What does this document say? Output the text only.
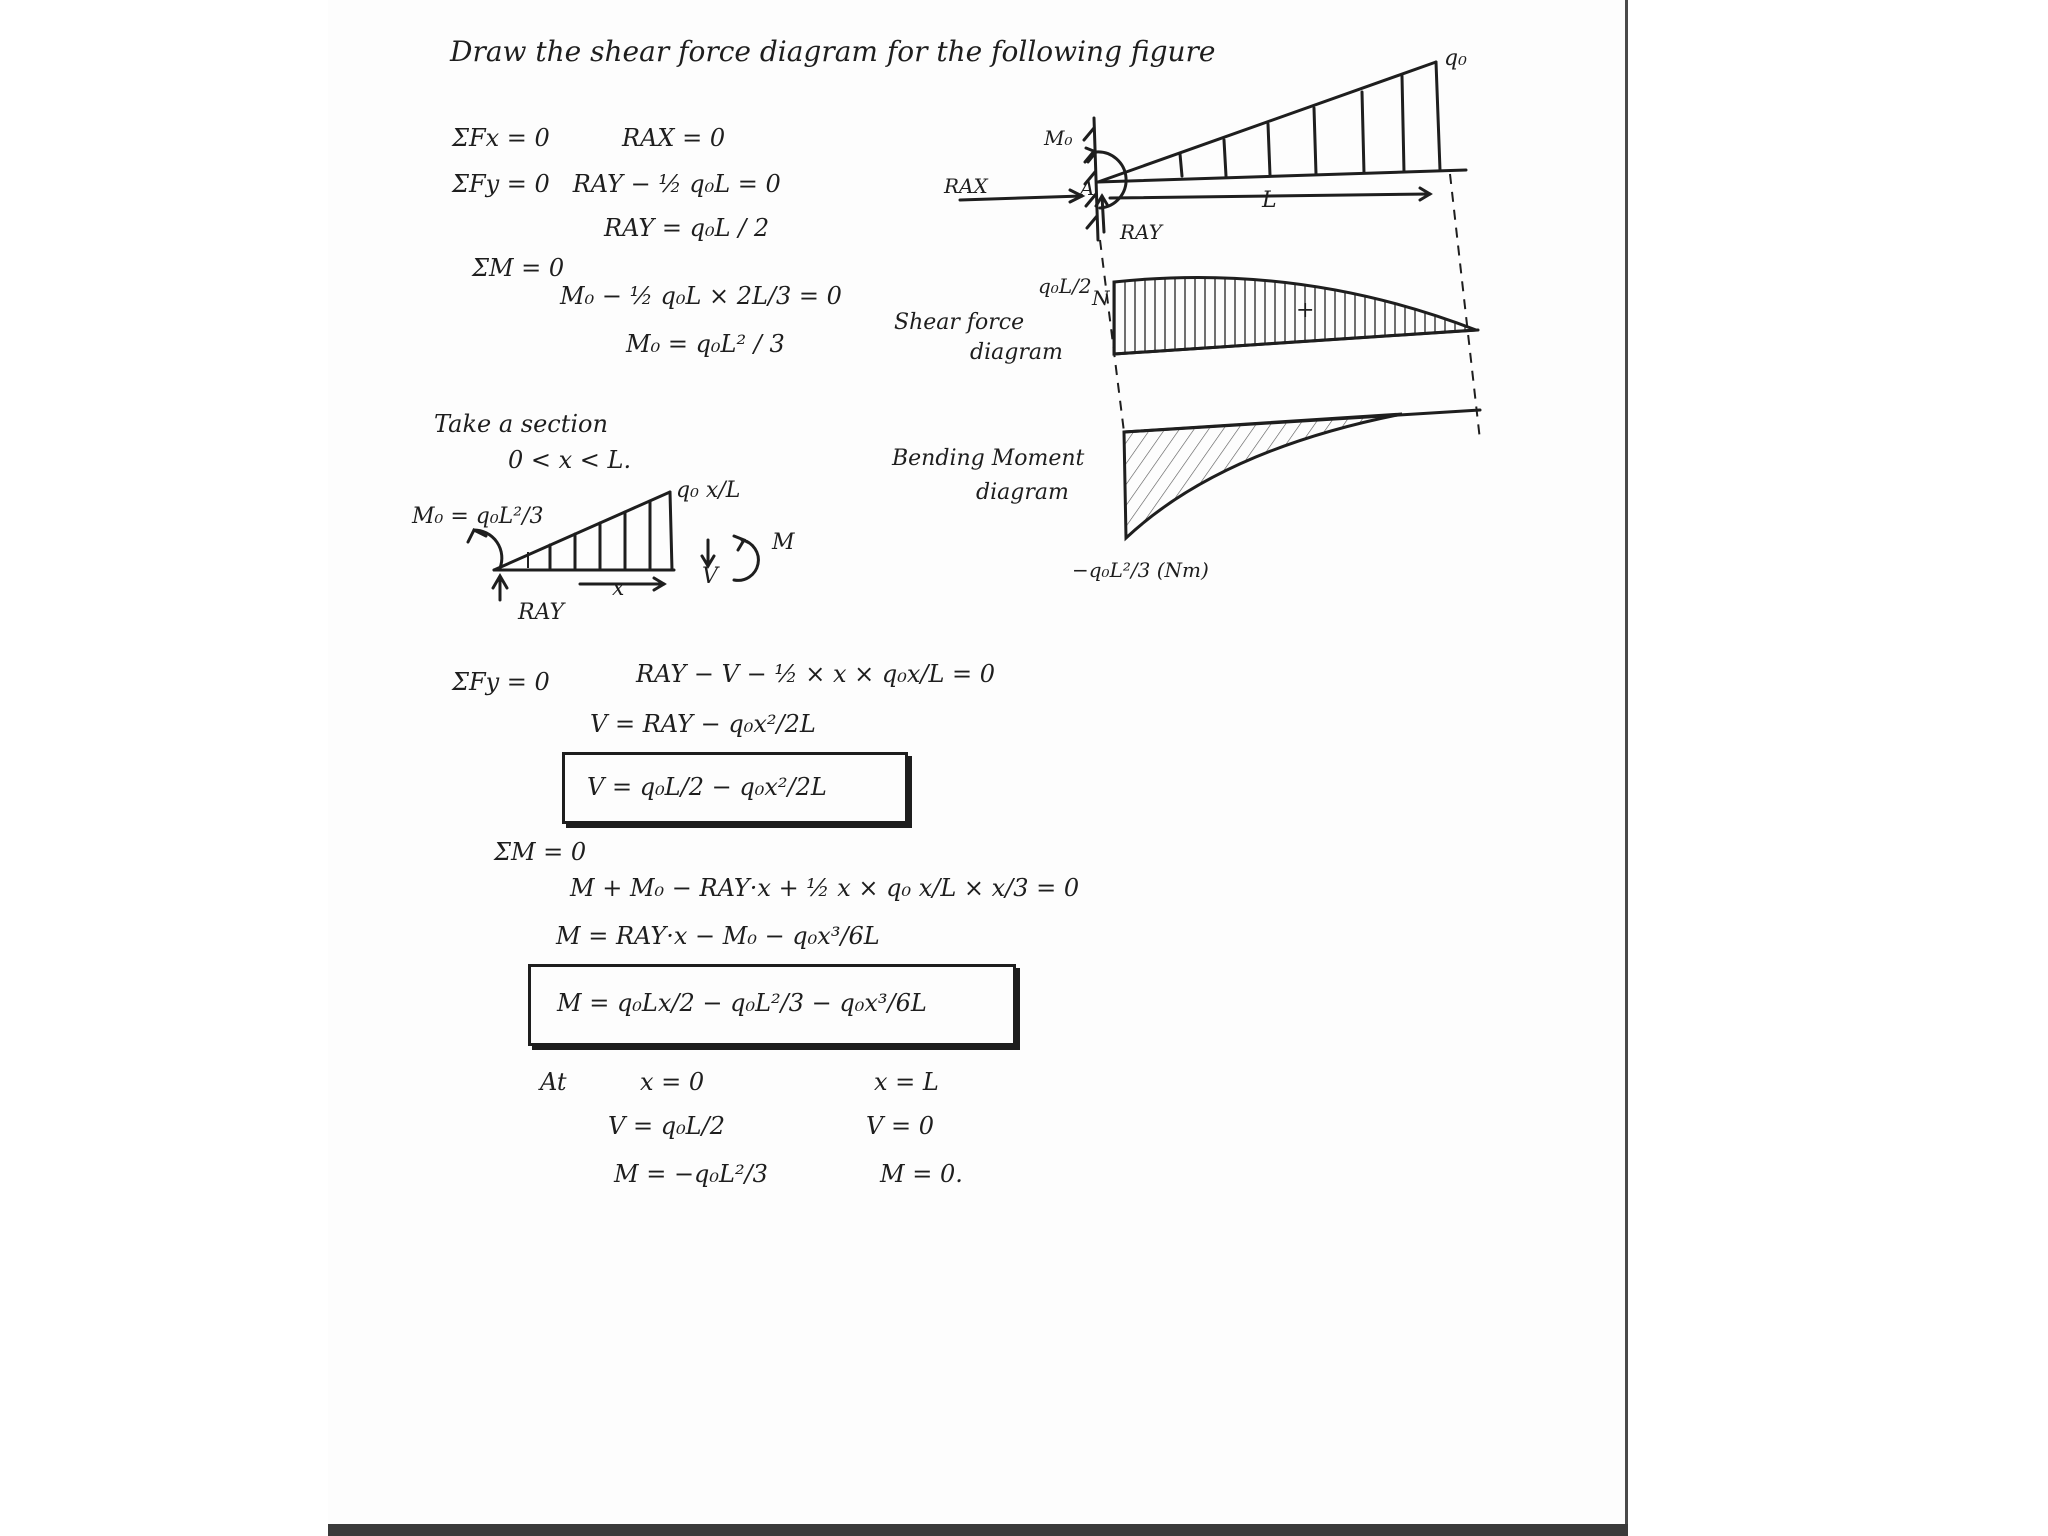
Draw the shear force diagram for the following figure
ΣFx = 0	RAX = 0
ΣFy = 0   RAY − ½ q₀L = 0
RAY = q₀L / 2
ΣM = 0
M₀ − ½ q₀L × 2L/3 = 0
M₀ = q₀L² / 3
Take a section
0 < x < L.
M₀ = q₀L²/3
q₀ x/L
x
RAY
V
M
ΣFy = 0	RAY − V − ½ × x × q₀x/L = 0
V = RAY − q₀x²/2L
V = q₀L/2 − q₀x²/2L
ΣM = 0
M + M₀ − RAY·x + ½ x × q₀ x/L × x/3 = 0
M = RAY·x − M₀ − q₀x³/6L
M = q₀Lx/2 − q₀L²/3 − q₀x³/6L
At	x = 0	x = L
V = q₀L/2	V = 0
M = −q₀L²/3	M = 0.
q₀
M₀
A
RAX
RAY
L
q₀L/2 N	+
Shear force
diagram
Bending Moment
diagram
−q₀L²/3 (Nm)
